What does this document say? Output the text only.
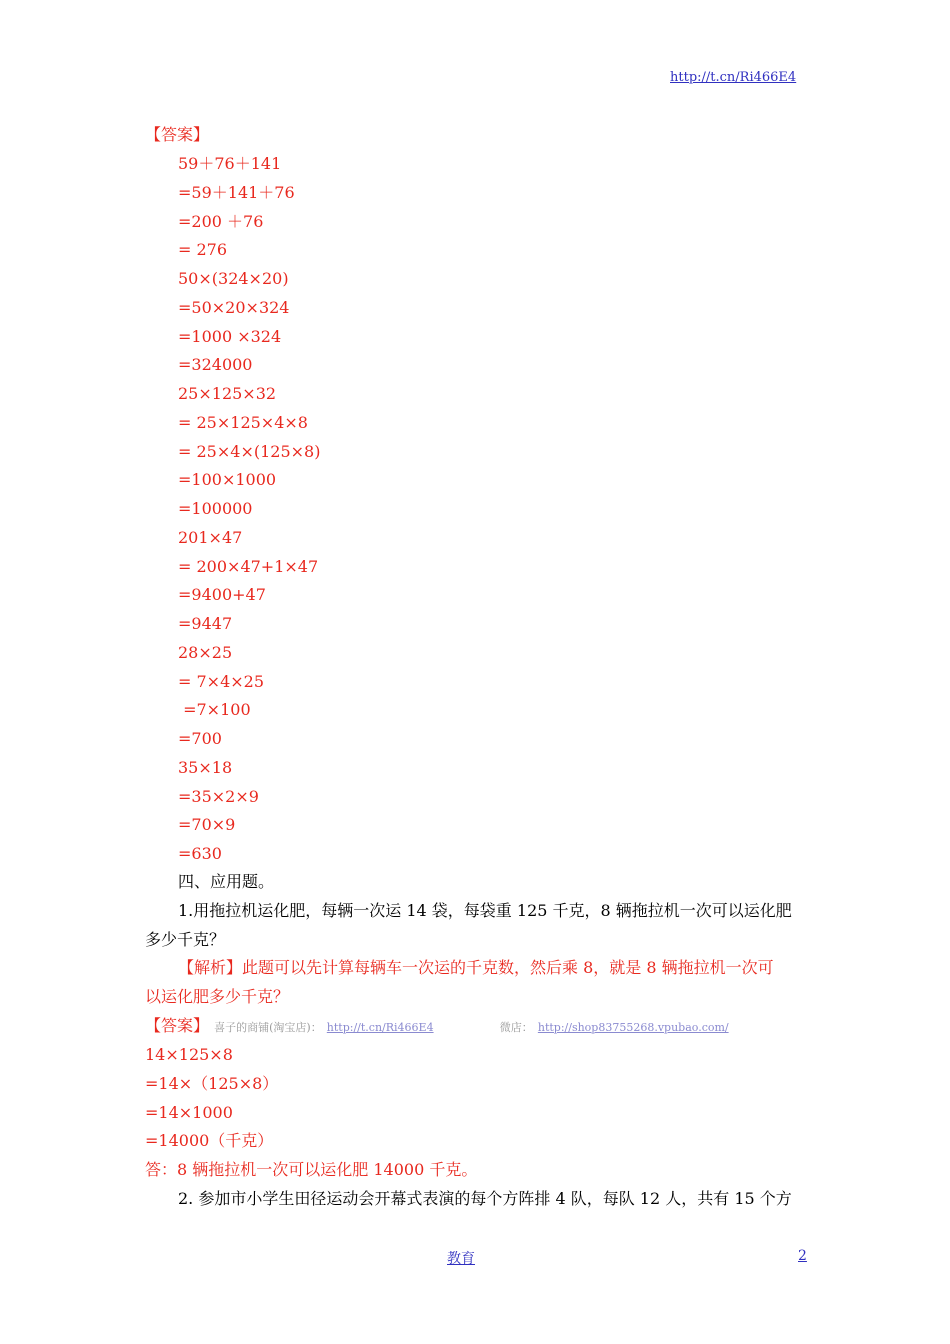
http://t.cn/Ri466E4
【答案】
59＋76＋141
=59＋141＋76
=200 ＋76
= 276
50×(324×20)
=50×20×324
=1000 ×324
=324000
25×125×32
= 25×125×4×8
= 25×4×(125×8)
=100×1000
=100000
201×47
= 200×47+1×47
=9400+47
=9447
28×25
= 7×4×25
=7×100
=700
35×18
=35×2×9
=70×9
=630
四、应用题。
1.用拖拉机运化肥，每辆一次运 14 袋，每袋重 125 千克，8 辆拖拉机一次可以运化肥
多少千克？
【解析】此题可以先计算每辆车一次运的千克数，然后乘 8，就是 8 辆拖拉机一次可
以运化肥多少千克？
【答案】 喜子的商铺(淘宝店)： http://t.cn/Ri466E4	微店： http://shop83755268.vpubao.com/
14×125×8
=14×（125×8）
=14×1000
=14000（千克）
答：8 辆拖拉机一次可以运化肥 14000 千克。
2. 参加市小学生田径运动会开幕式表演的每个方阵排 4 队，每队 12 人，共有 15 个方
教育	2
